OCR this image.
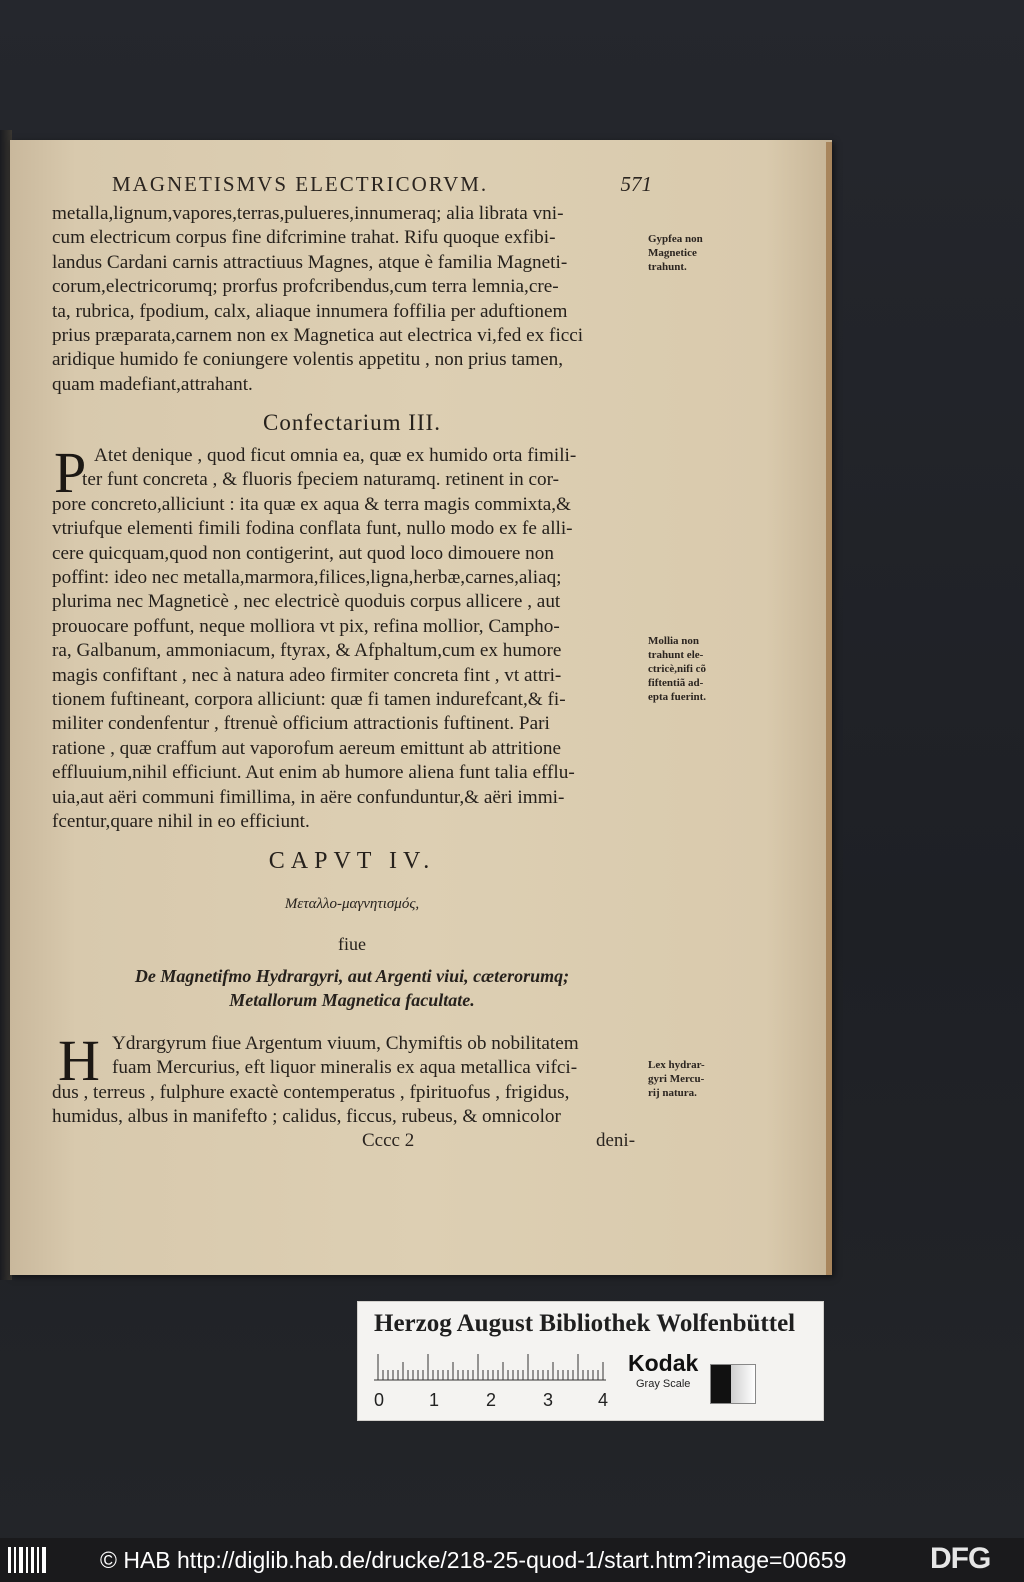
MAGNETISMVS ELECTRICORVM.	571
metalla,lignum,vapores,terras,pulueres,innumeraq; alia librata vni-
cum electricum corpus fine difcrimine trahat. Rifu quoque exfibi-
landus Cardani carnis attractiuus Magnes, atque è familia Magneti-
corum,electricorumq; prorfus profcribendus,cum terra lemnia,cre-
ta, rubrica, fpodium, calx, aliaque innumera foffilia per aduftionem
prius præparata,carnem non ex Magnetica aut electrica vi,fed ex ficci
aridique humido fe coniungere volentis appetitu , non prius tamen,
quam madefiant,attrahant.
Confectarium III.
P Atet denique , quod ficut omnia ea, quæ ex humido orta fimili-
ter funt concreta , & fluoris fpeciem naturamq. retinent in cor-
pore concreto,alliciunt : ita quæ ex aqua & terra magis commixta,&
vtriufque elementi fimili fodina conflata funt, nullo modo ex fe alli-
cere quicquam,quod non contigerint, aut quod loco dimouere non
poffint: ideo nec metalla,marmora,filices,ligna,herbæ,carnes,aliaq;
plurima nec Magneticè , nec electricè quoduis corpus allicere , aut
prouocare poffunt, neque molliora vt pix, refina mollior, Campho-
ra, Galbanum, ammoniacum, ftyrax, & Afphaltum,cum ex humore
magis confiftant , nec à natura adeo firmiter concreta fint , vt attri-
tionem fuftineant, corpora alliciunt: quæ fi tamen indurefcant,& fi-
militer condenfentur , ftrenuè officium attractionis fuftinent. Pari
ratione , quæ craffum aut vaporofum aereum emittunt ab attritione
effluuium,nihil efficiunt. Aut enim ab humore aliena funt talia efflu-
uia,aut aëri communi fimillima, in aëre confunduntur,& aëri immi-
fcentur,quare nihil in eo efficiunt.
CAPVT IV.
Μεταλλο-μαγνητισμός,
fiue
De Magnetifmo Hydrargyri, aut Argenti viui, cæterorumq;
Metallorum Magnetica facultate.
H Ydrargyrum fiue Argentum viuum, Chymiftis ob nobilitatem
fuam Mercurius, eft liquor mineralis ex aqua metallica vifci-
dus , terreus , fulphure exactè contemperatus , fpirituofus , frigidus,
humidus, albus in manifefto ; calidus, ficcus, rubeus, & omnicolor
Cccc 2	deni-
Gypfea non
Magnetice
trahunt.
Mollia non
trahunt ele-
ctricè,nifi cõ
fiftentiã ad-
epta fuerint.
Lex hydrar-
gyri Mercu-
rij natura.
Herzog August Bibliothek Wolfenbüttel
0 1	2	3 4
Kodak
Gray Scale
© HAB http://diglib.hab.de/drucke/218-25-quod-1/start.htm?image=00659	DFG
